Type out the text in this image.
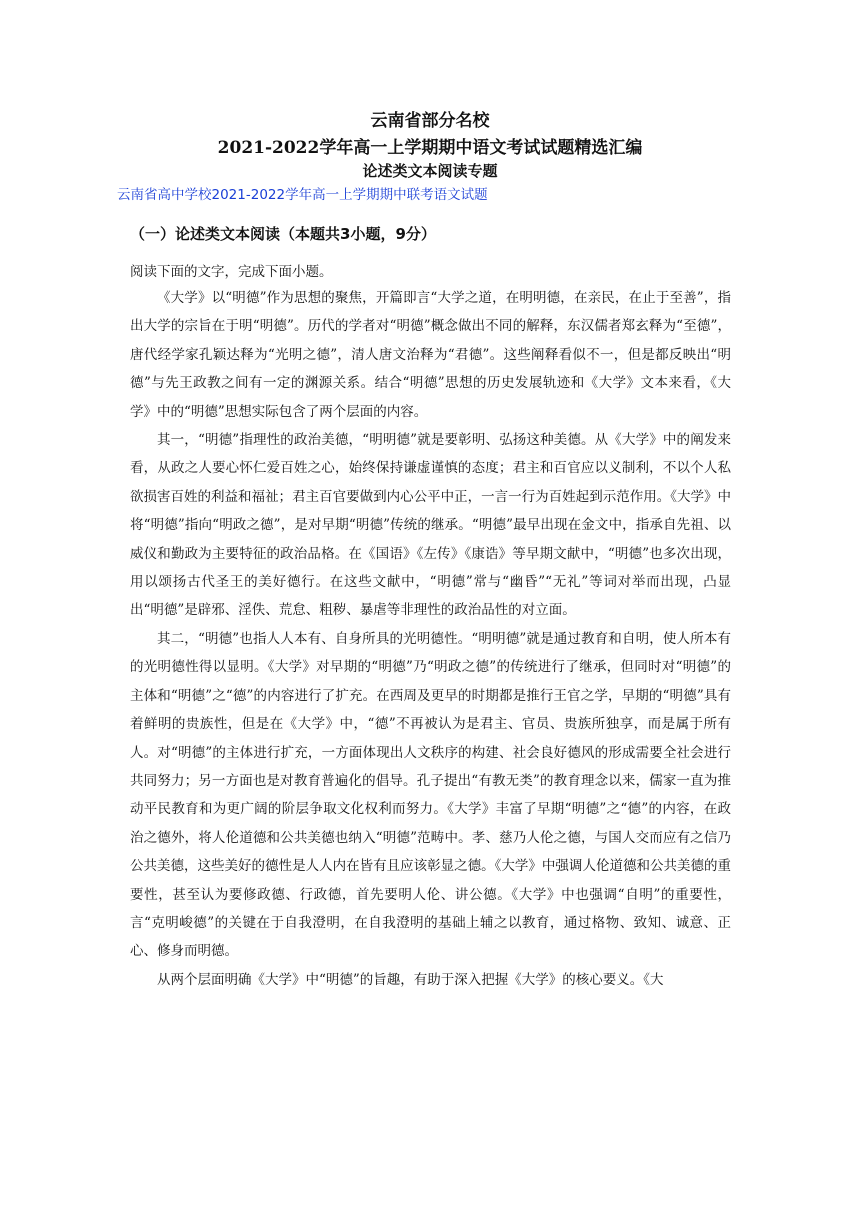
云南省部分名校
2021-2022学年高一上学期期中语文考试试题精选汇编
论述类文本阅读专题
云南省高中学校2021-2022学年高一上学期期中联考语文试题
（一）论述类文本阅读（本题共3小题，9分）
阅读下面的文字，完成下面小题。

《大学》以“明德”作为思想的聚焦，开篇即言“大学之道，在明明德，在亲民，在止于至善”，指出大学的宗旨在于明“明德”。历代的学者对“明德”概念做出不同的解释，东汉儒者郑玄释为“至德”，唐代经学家孔颖达释为“光明之德”，清人唐文治释为“君德”。这些阐释看似不一，但是都反映出“明德”与先王政教之间有一定的渊源关系。结合“明德”思想的历史发展轨迹和《大学》文本来看，《大学》中的“明德”思想实际包含了两个层面的内容。

其一，“明德”指理性的政治美德，“明明德”就是要彰明、弘扬这种美德。从《大学》中的阐发来看，从政之人要心怀仁爱百姓之心，始终保持谦虚谨慎的态度；君主和百官应以义制利，不以个人私欲损害百姓的利益和福祉；君主百官要做到内心公平中正，一言一行为百姓起到示范作用。《大学》中将“明德”指向“明政之德”，是对早期“明德”传统的继承。“明德”最早出现在金文中，指承自先祖、以威仪和勤政为主要特征的政治品格。在《国语》《左传》《康诰》等早期文献中，“明德”也多次出现，用以颂扬古代圣王的美好德行。在这些文献中，“明德”常与“幽昏”“无礼”等词对举而出现，凸显出“明德”是辟邪、淫佚、荒怠、粗秽、暴虐等非理性的政治品性的对立面。

其二，“明德”也指人人本有、自身所具的光明德性。“明明德”就是通过教育和自明，使人所本有的光明德性得以显明。《大学》对早期的“明德”乃“明政之德”的传统进行了继承，但同时对“明德”的主体和“明德”之“德”的内容进行了扩充。在西周及更早的时期都是推行王官之学，早期的“明德”具有着鲜明的贵族性，但是在《大学》中，“德”不再被认为是君主、官员、贵族所独享，而是属于所有人。对“明德”的主体进行扩充，一方面体现出人文秩序的构建、社会良好德风的形成需要全社会进行共同努力；另一方面也是对教育普遍化的倡导。孔子提出“有教无类”的教育理念以来，儒家一直为推动平民教育和为更广阔的阶层争取文化权利而努力。《大学》丰富了早期“明德”之“德”的内容，在政治之德外，将人伦道德和公共美德也纳入“明德”范畴中。孝、慈乃人伦之德，与国人交而应有之信乃公共美德，这些美好的德性是人人内在皆有且应该彰显之德。《大学》中强调人伦道德和公共美德的重要性，甚至认为要修政德、行政德，首先要明人伦、讲公德。《大学》中也强调“自明”的重要性，言“克明峻德”的关键在于自我澄明，在自我澄明的基础上辅之以教育，通过格物、致知、诚意、正心、修身而明德。

从两个层面明确《大学》中“明德”的旨趣，有助于深入把握《大学》的核心要义。《大
